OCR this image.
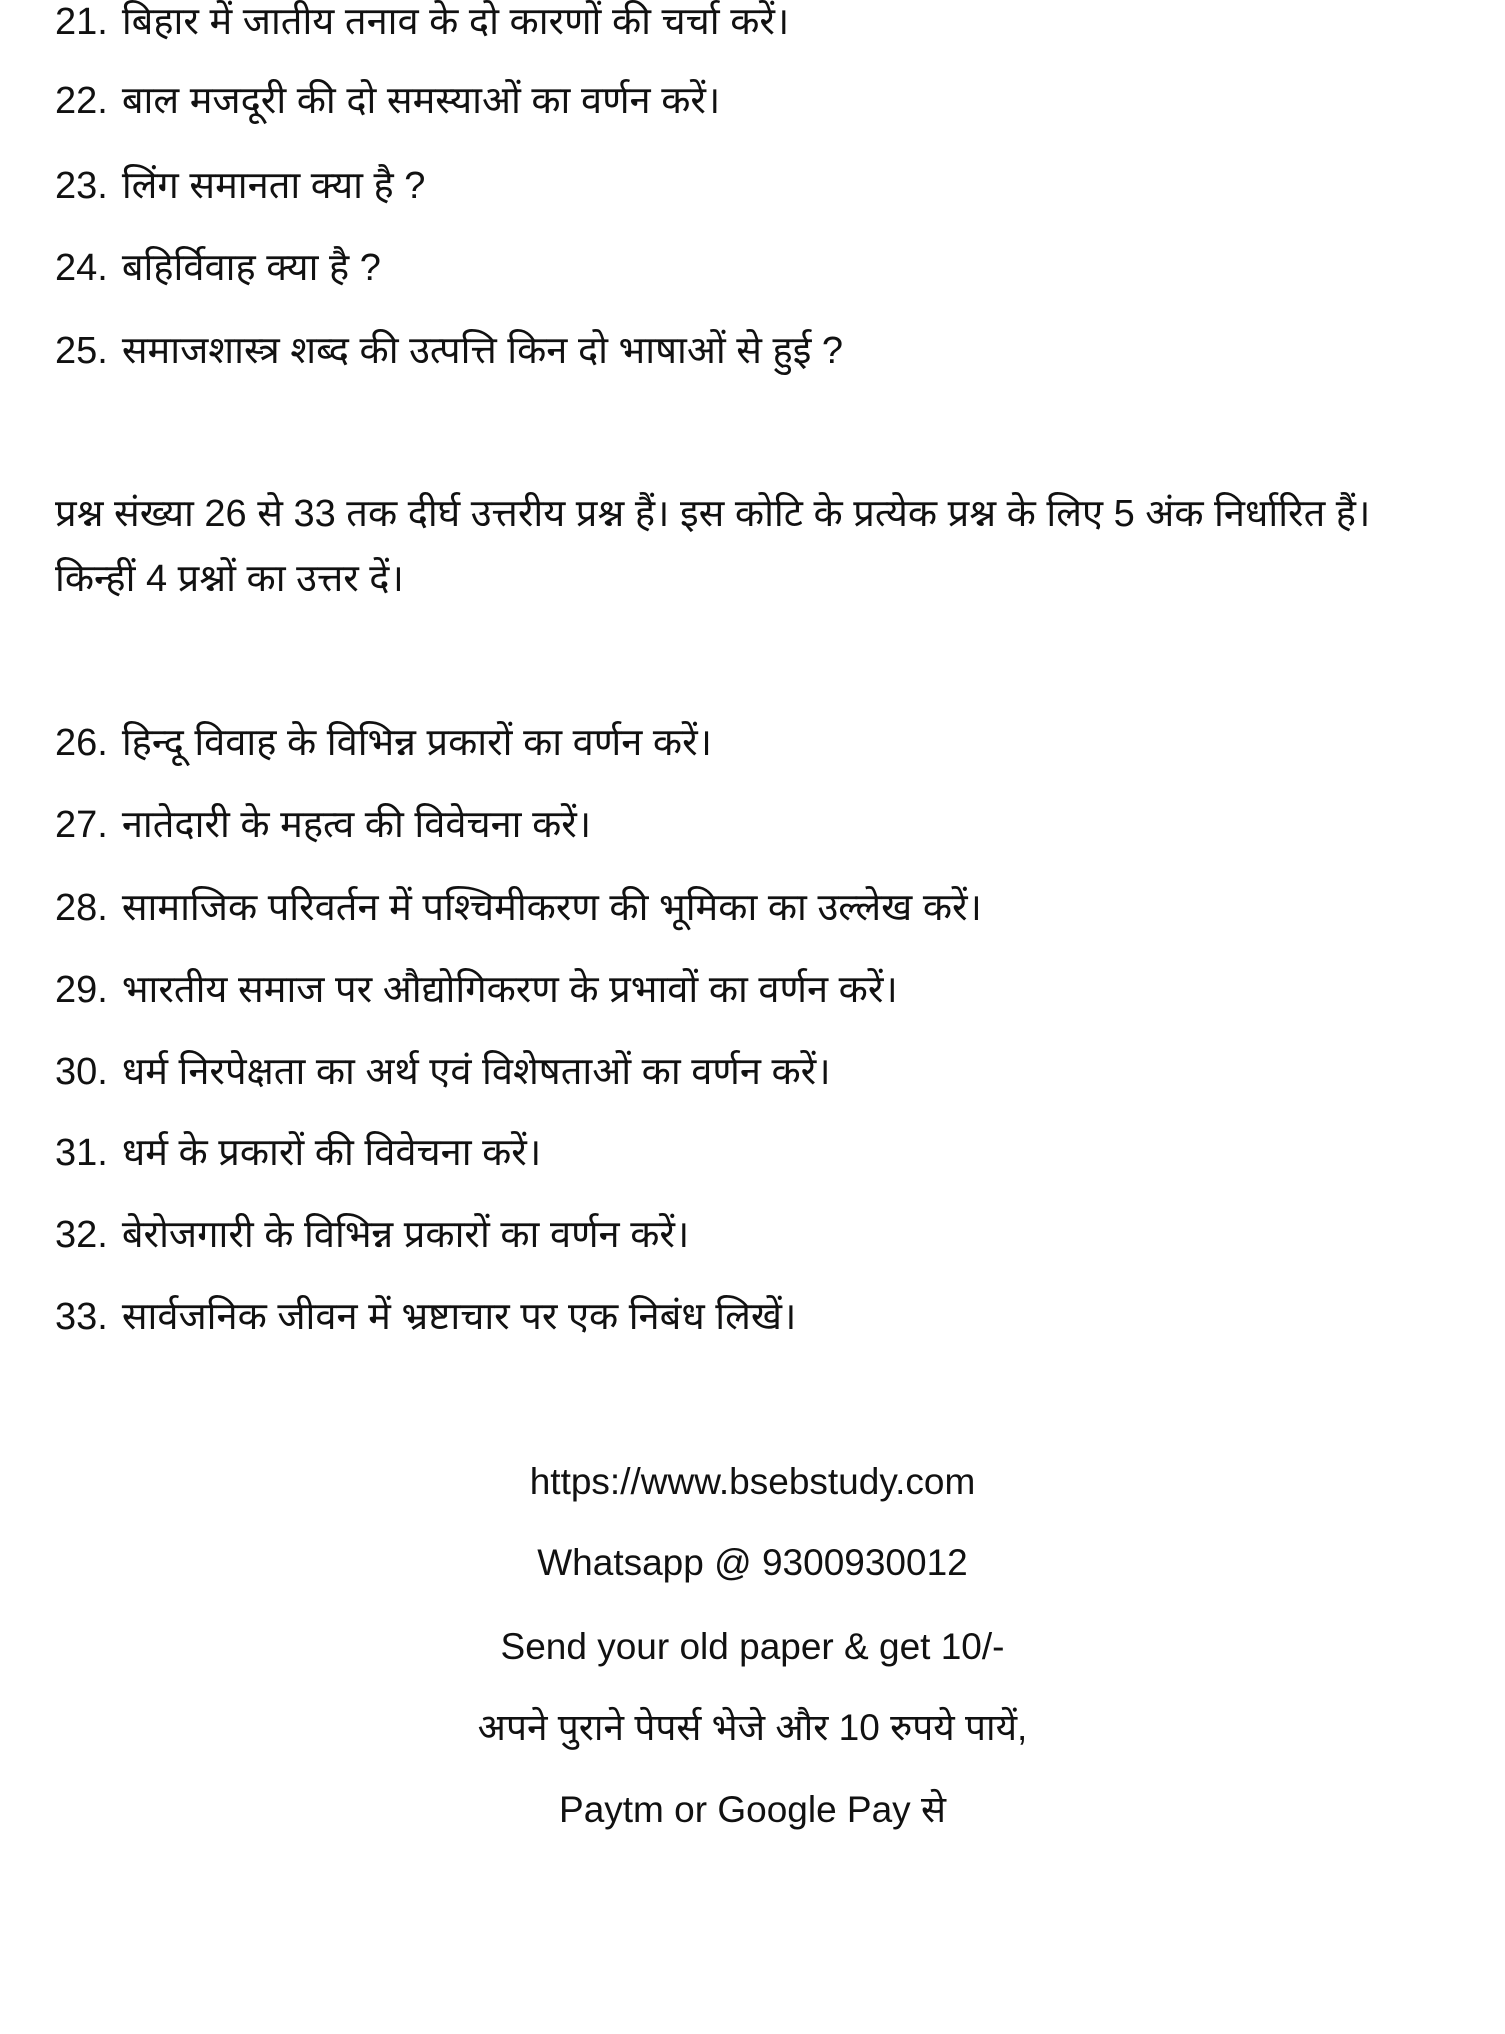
21. बिहार में जातीय तनाव के दो कारणों की चर्चा करें।
22. बाल मजदूरी की दो समस्याओं का वर्णन करें।
23. लिंग समानता क्या है ?
24. बहिर्विवाह क्या है ?
25. समाजशास्त्र शब्द की उत्पत्ति किन दो भाषाओं से हुई ?
प्रश्न संख्या 26 से 33 तक दीर्घ उत्तरीय प्रश्न हैं। इस कोटि के प्रत्येक प्रश्न के लिए 5 अंक निर्धारित हैं। किन्हीं 4 प्रश्नों का उत्तर दें।
26. हिन्दू विवाह के विभिन्न प्रकारों का वर्णन करें।
27. नातेदारी के महत्व की विवेचना करें।
28. सामाजिक परिवर्तन में पश्चिमीकरण की भूमिका का उल्लेख करें।
29. भारतीय समाज पर औद्योगिकरण के प्रभावों का वर्णन करें।
30. धर्म निरपेक्षता का अर्थ एवं विशेषताओं का वर्णन करें।
31. धर्म के प्रकारों की विवेचना करें।
32. बेरोजगारी के विभिन्न प्रकारों का वर्णन करें।
33. सार्वजनिक जीवन में भ्रष्टाचार पर एक निबंध लिखें।
https://www.bsebstudy.com
Whatsapp @ 9300930012
Send your old paper & get 10/-
अपने पुराने पेपर्स भेजे और 10 रुपये पायें,
Paytm or Google Pay से
